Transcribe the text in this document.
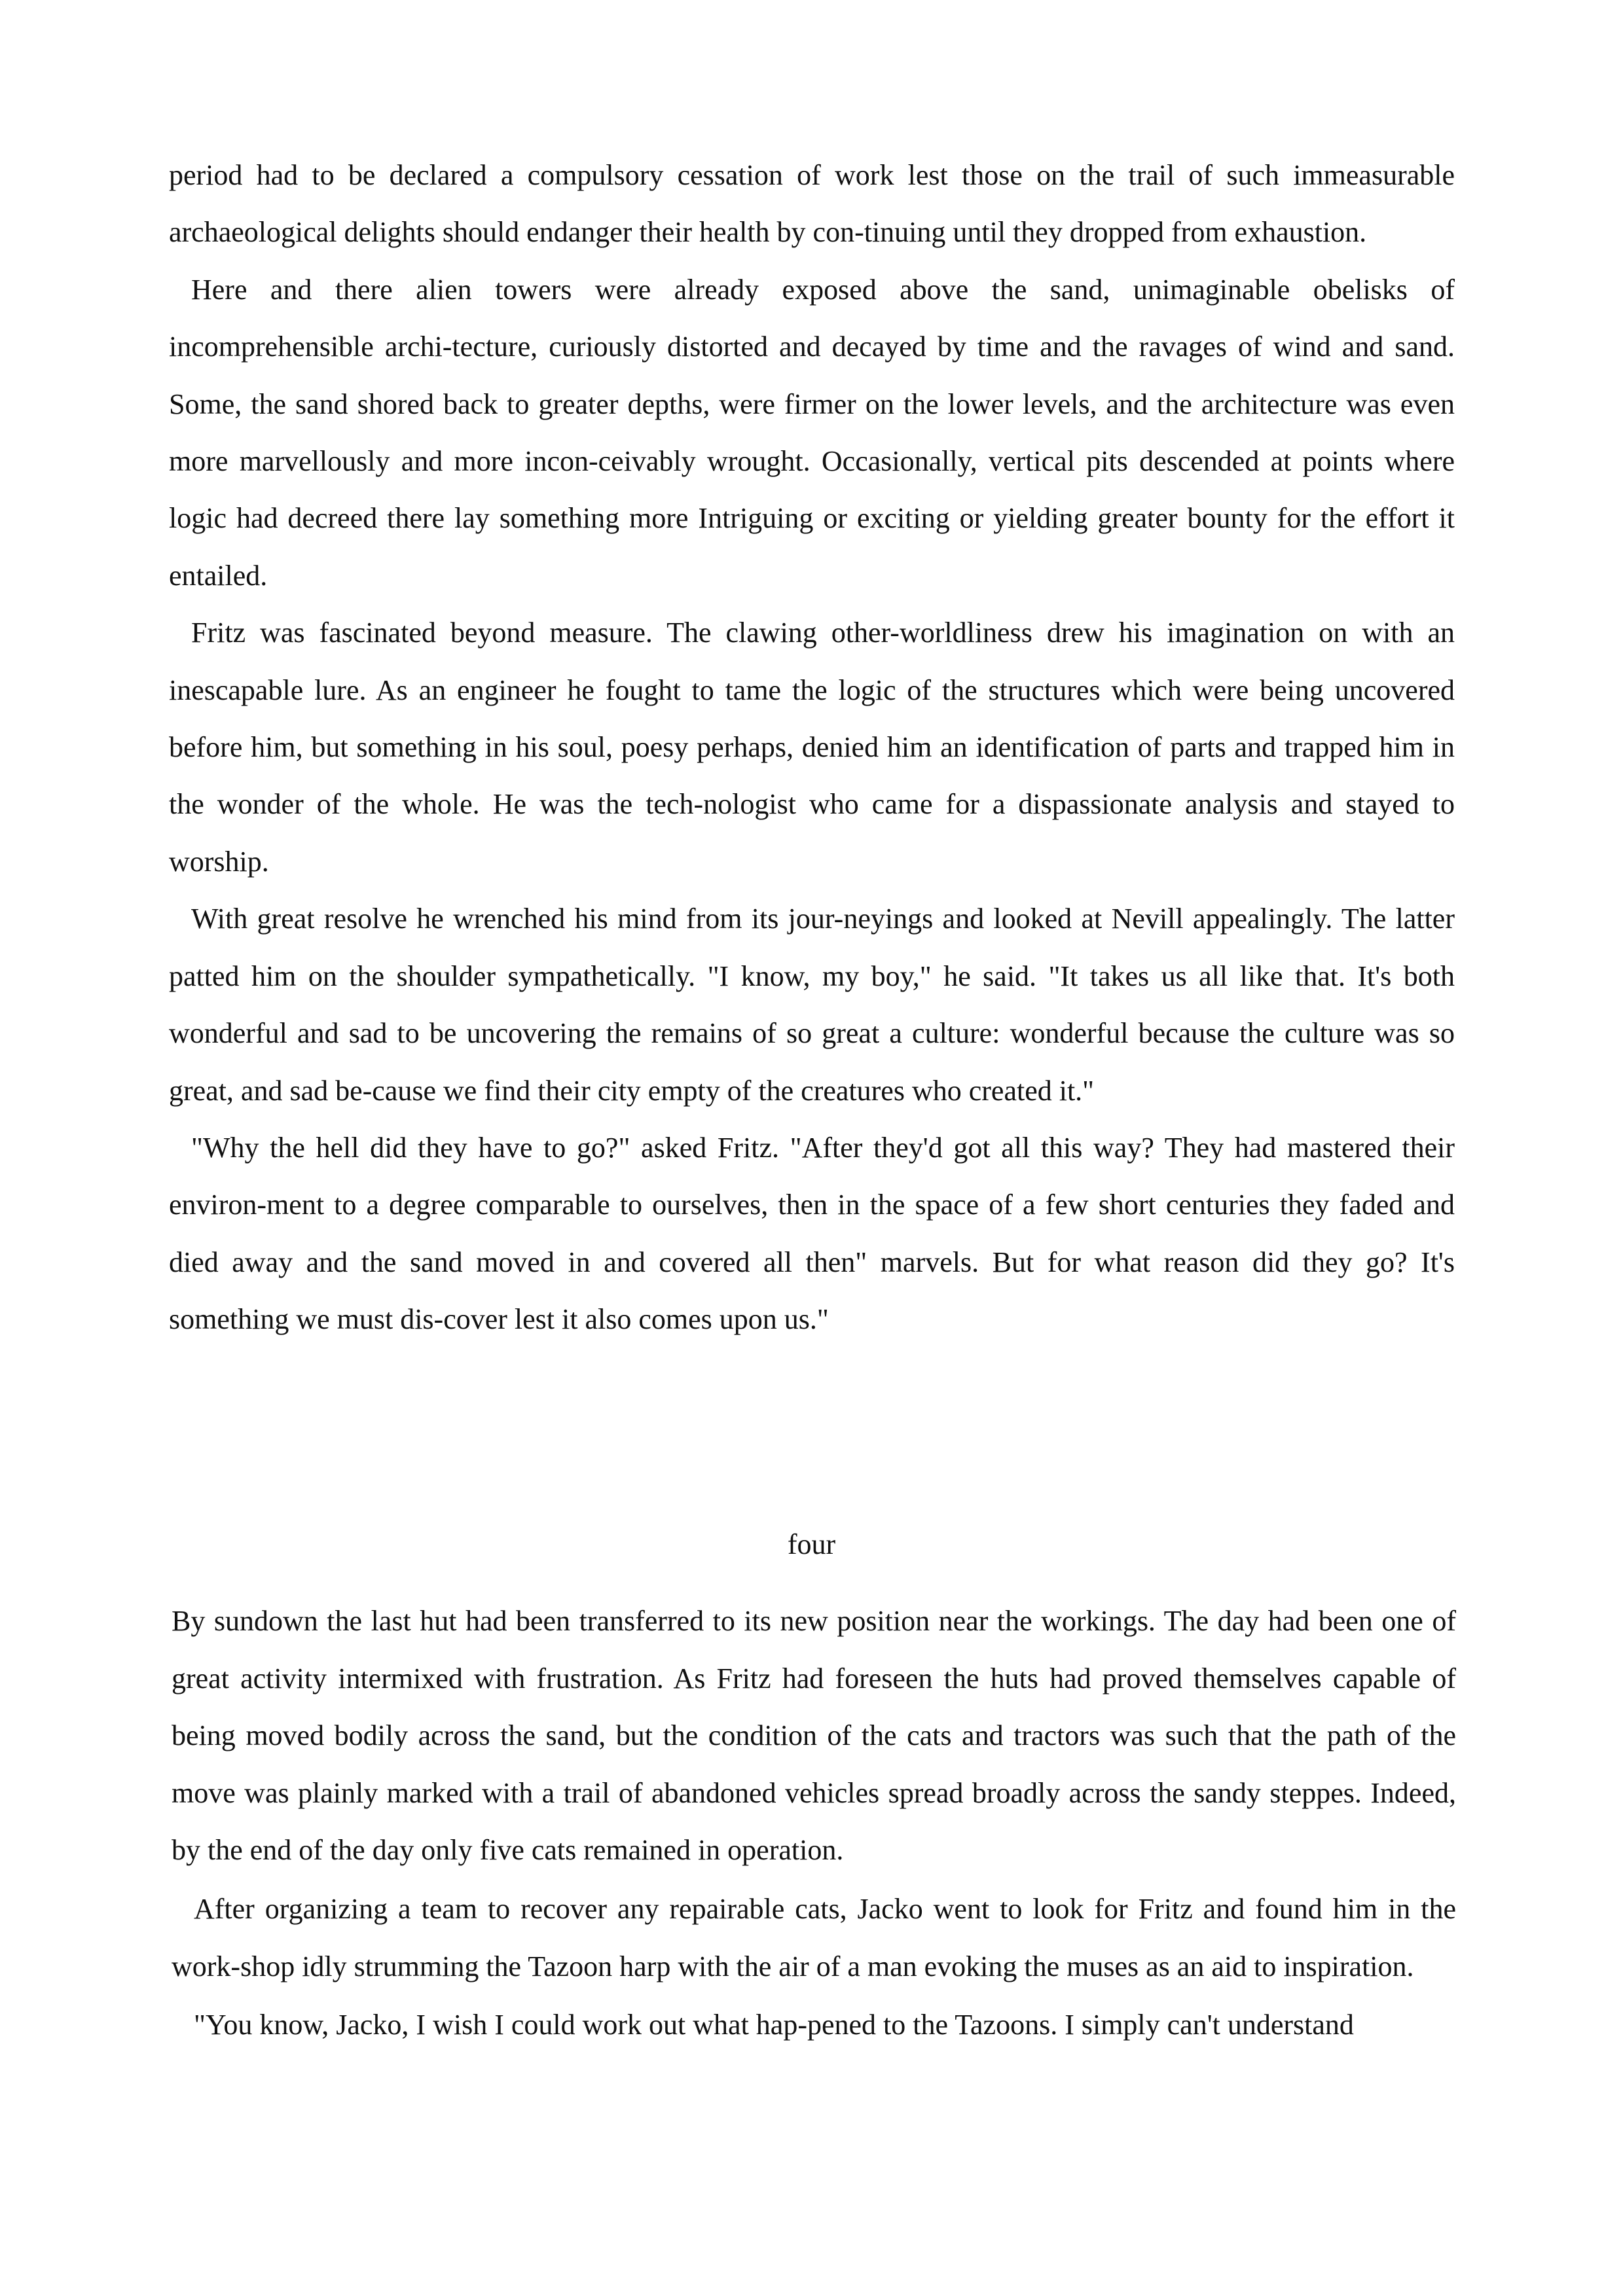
period had to be declared a compulsory cessation of work lest those on the trail of such immeasurable archaeological delights should endanger their health by con-tinuing until they dropped from exhaustion.

Here and there alien towers were already exposed above the sand, unimaginable obelisks of incomprehensible archi-tecture, curiously distorted and decayed by time and the ravages of wind and sand. Some, the sand shored back to greater depths, were firmer on the lower levels, and the architecture was even more marvellously and more incon-ceivably wrought. Occasionally, vertical pits descended at points where logic had decreed there lay something more Intriguing or exciting or yielding greater bounty for the effort it entailed.

Fritz was fascinated beyond measure. The clawing other-worldliness drew his imagination on with an inescapable lure. As an engineer he fought to tame the logic of the structures which were being uncovered before him, but something in his soul, poesy perhaps, denied him an identification of parts and trapped him in the wonder of the whole. He was the tech-nologist who came for a dispassionate analysis and stayed to worship.

With great resolve he wrenched his mind from its jour-neyings and looked at Nevill appealingly. The latter patted him on the shoulder sympathetically. "I know, my boy," he said. "It takes us all like that. It's both wonderful and sad to be uncovering the remains of so great a culture: wonderful because the culture was so great, and sad be-cause we find their city empty of the creatures who created it."

"Why the hell did they have to go?" asked Fritz. "After they'd got all this way? They had mastered their environ-ment to a degree comparable to ourselves, then in the space of a few short centuries they faded and died away and the sand moved in and covered all then" marvels. But for what reason did they go? It's something we must dis-cover lest it also comes upon us."

four

By sundown the last hut had been transferred to its new position near the workings. The day had been one of great activity intermixed with frustration. As Fritz had foreseen the huts had proved themselves capable of being moved bodily across the sand, but the condition of the cats and tractors was such that the path of the move was plainly marked with a trail of abandoned vehicles spread broadly across the sandy steppes. Indeed, by the end of the day only five cats remained in operation.

After organizing a team to recover any repairable cats, Jacko went to look for Fritz and found him in the work-shop idly strumming the Tazoon harp with the air of a man evoking the muses as an aid to inspiration.

"You know, Jacko, I wish I could work out what hap-pened to the Tazoons. I simply can't understand
